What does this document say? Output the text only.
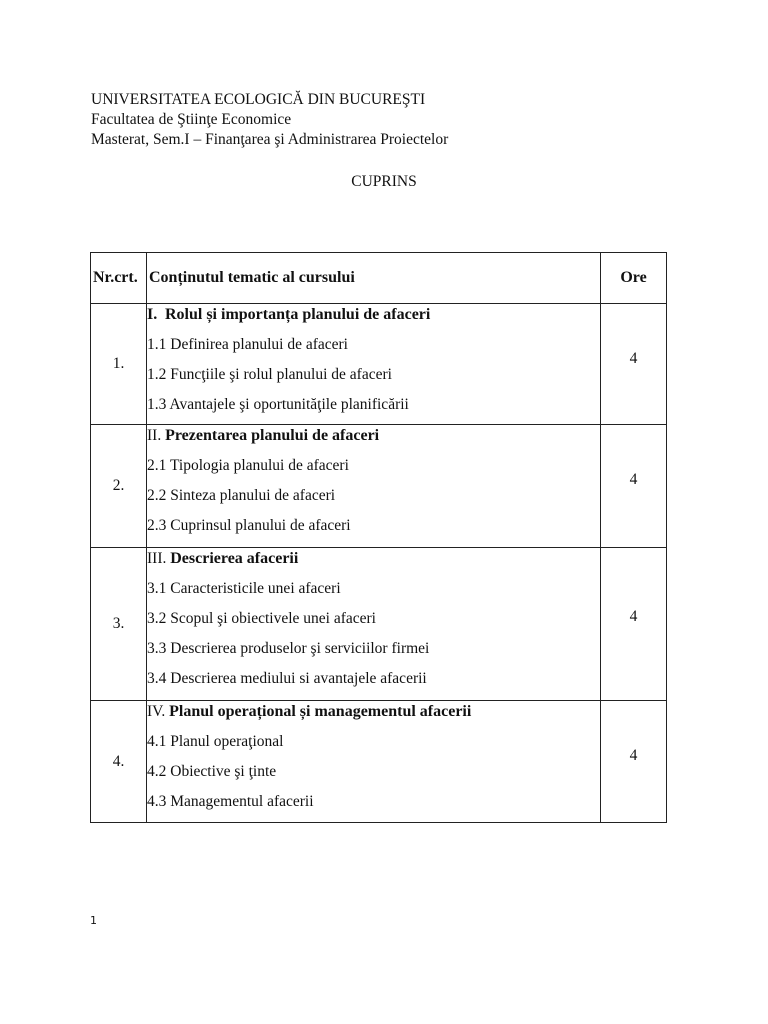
UNIVERSITATEA ECOLOGICĂ DIN BUCUREŞTI
Facultatea de Ştiinţe Economice
Masterat, Sem.I – Finanţarea şi Administrarea Proiectelor
CUPRINS
Nr.crt.	Conținutul tematic al cursului	Ore
1.	I. Rolul și importanța planului de afaceri
1.1 Definirea planului de afaceri
1.2 Funcţiile şi rolul planului de afaceri
1.3 Avantajele şi oportunităţile planificării	4
2.	II. Prezentarea planului de afaceri
2.1 Tipologia planului de afaceri
2.2 Sinteza planului de afaceri
2.3 Cuprinsul planului de afaceri	4
3.	III. Descrierea afacerii
3.1 Caracteristicile unei afaceri
3.2 Scopul şi obiectivele unei afaceri
3.3 Descrierea produselor şi serviciilor firmei
3.4 Descrierea mediului si avantajele afacerii	4
4.	IV. Planul operațional și managementul afacerii
4.1 Planul operaţional
4.2 Obiective şi ţinte
4.3 Managementul afacerii	4
1
